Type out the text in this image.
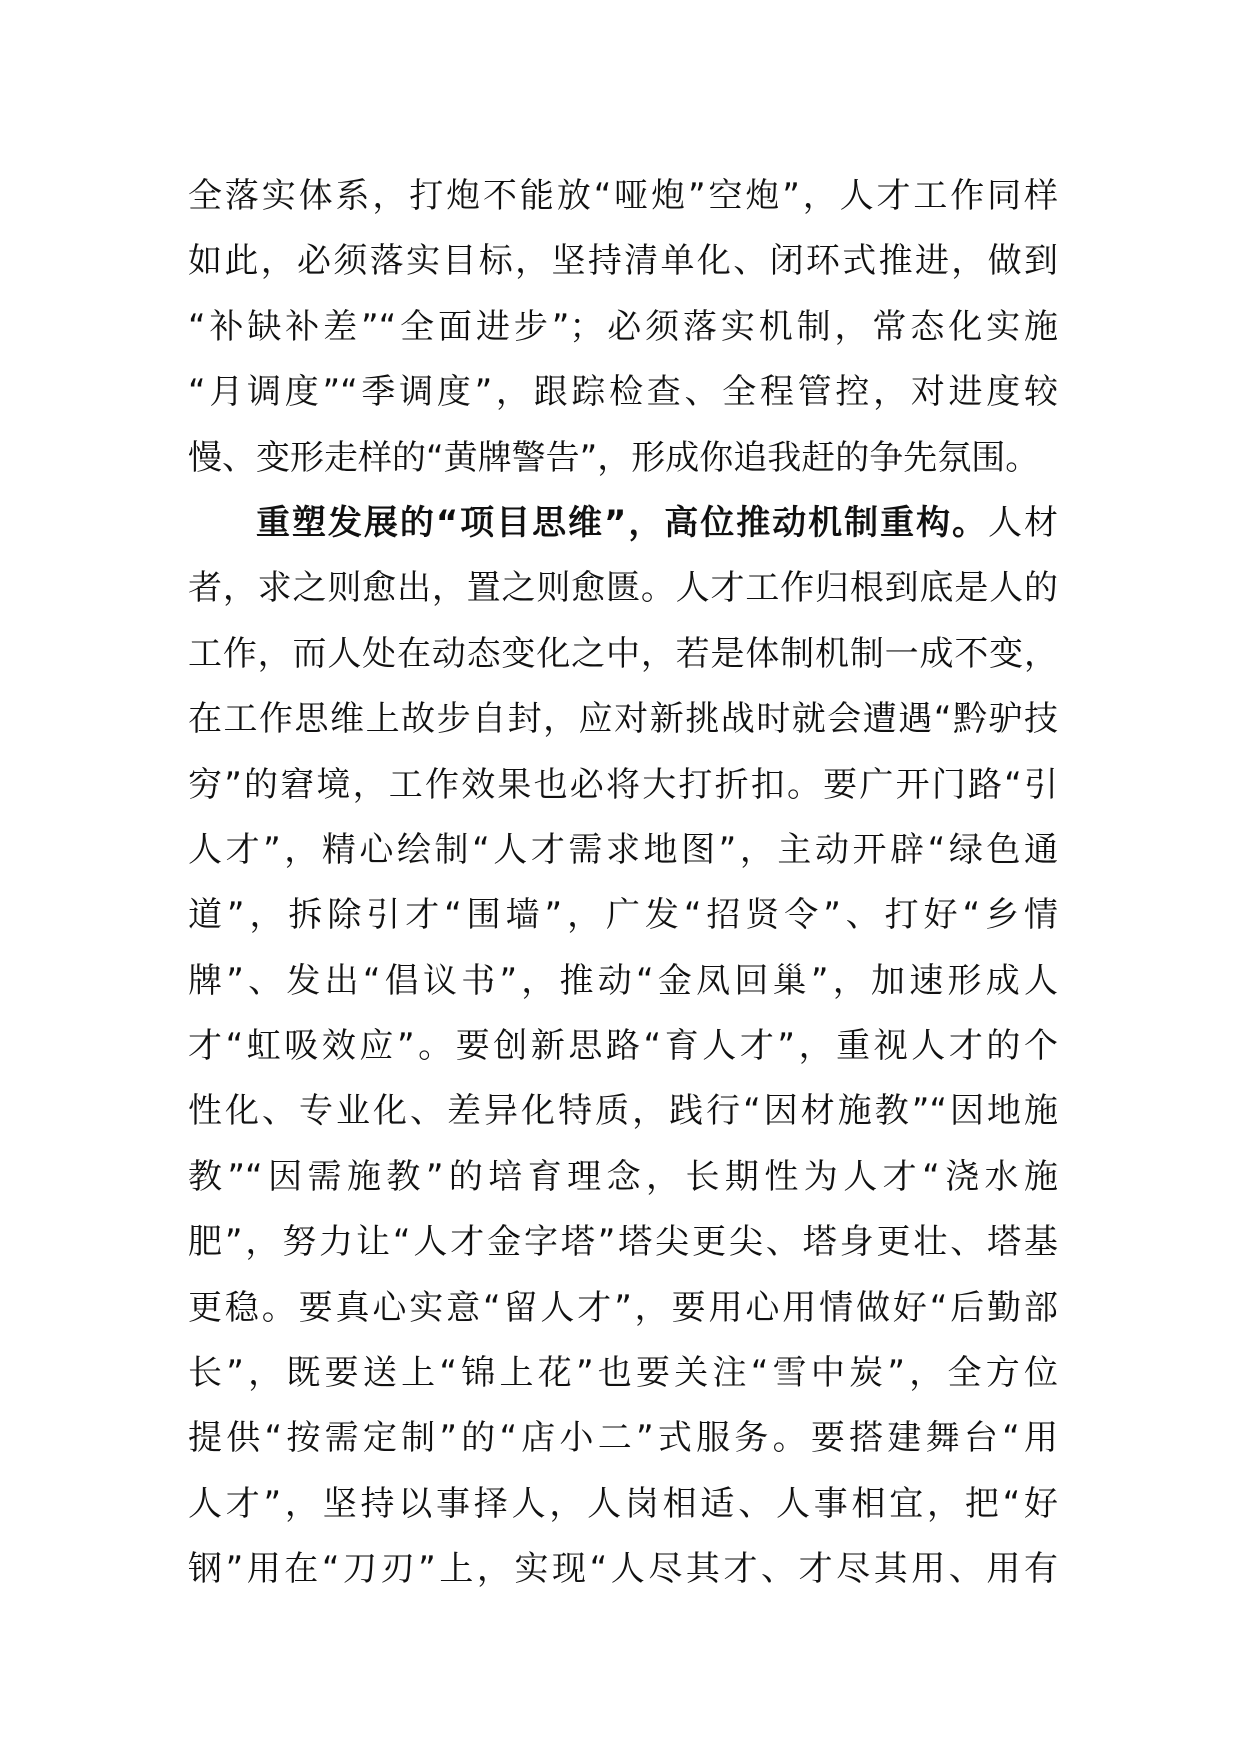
全落实体系，打炮不能放“哑炮”空炮”，人才工作同样
如此，必须落实目标，坚持清单化、闭环式推进，做到
“补缺补差”“全面进步”；必须落实机制，常态化实施
“月调度”“季调度”，跟踪检查、全程管控，对进度较
慢、变形走样的“黄牌警告”，形成你追我赶的争先氛围。
重塑发展的“项目思维”，高位推动机制重构。人材
者，求之则愈出，置之则愈匮。人才工作归根到底是人的
工作，而人处在动态变化之中，若是体制机制一成不变，
在工作思维上故步自封，应对新挑战时就会遭遇“黔驴技
穷”的窘境，工作效果也必将大打折扣。要广开门路“引
人才”，精心绘制“人才需求地图”，主动开辟“绿色通
道”，拆除引才“围墙”，广发“招贤令”、打好“乡情
牌”、发出“倡议书”，推动“金凤回巢”，加速形成人
才“虹吸效应”。要创新思路“育人才”，重视人才的个
性化、专业化、差异化特质，践行“因材施教”“因地施
教”“因需施教”的培育理念，长期性为人才“浇水施
肥”，努力让“人才金字塔”塔尖更尖、塔身更壮、塔基
更稳。要真心实意“留人才”，要用心用情做好“后勤部
长”，既要送上“锦上花”也要关注“雪中炭”，全方位
提供“按需定制”的“店小二”式服务。要搭建舞台“用
人才”，坚持以事择人，人岗相适、人事相宜，把“好
钢”用在“刀刃”上，实现“人尽其才、才尽其用、用有
